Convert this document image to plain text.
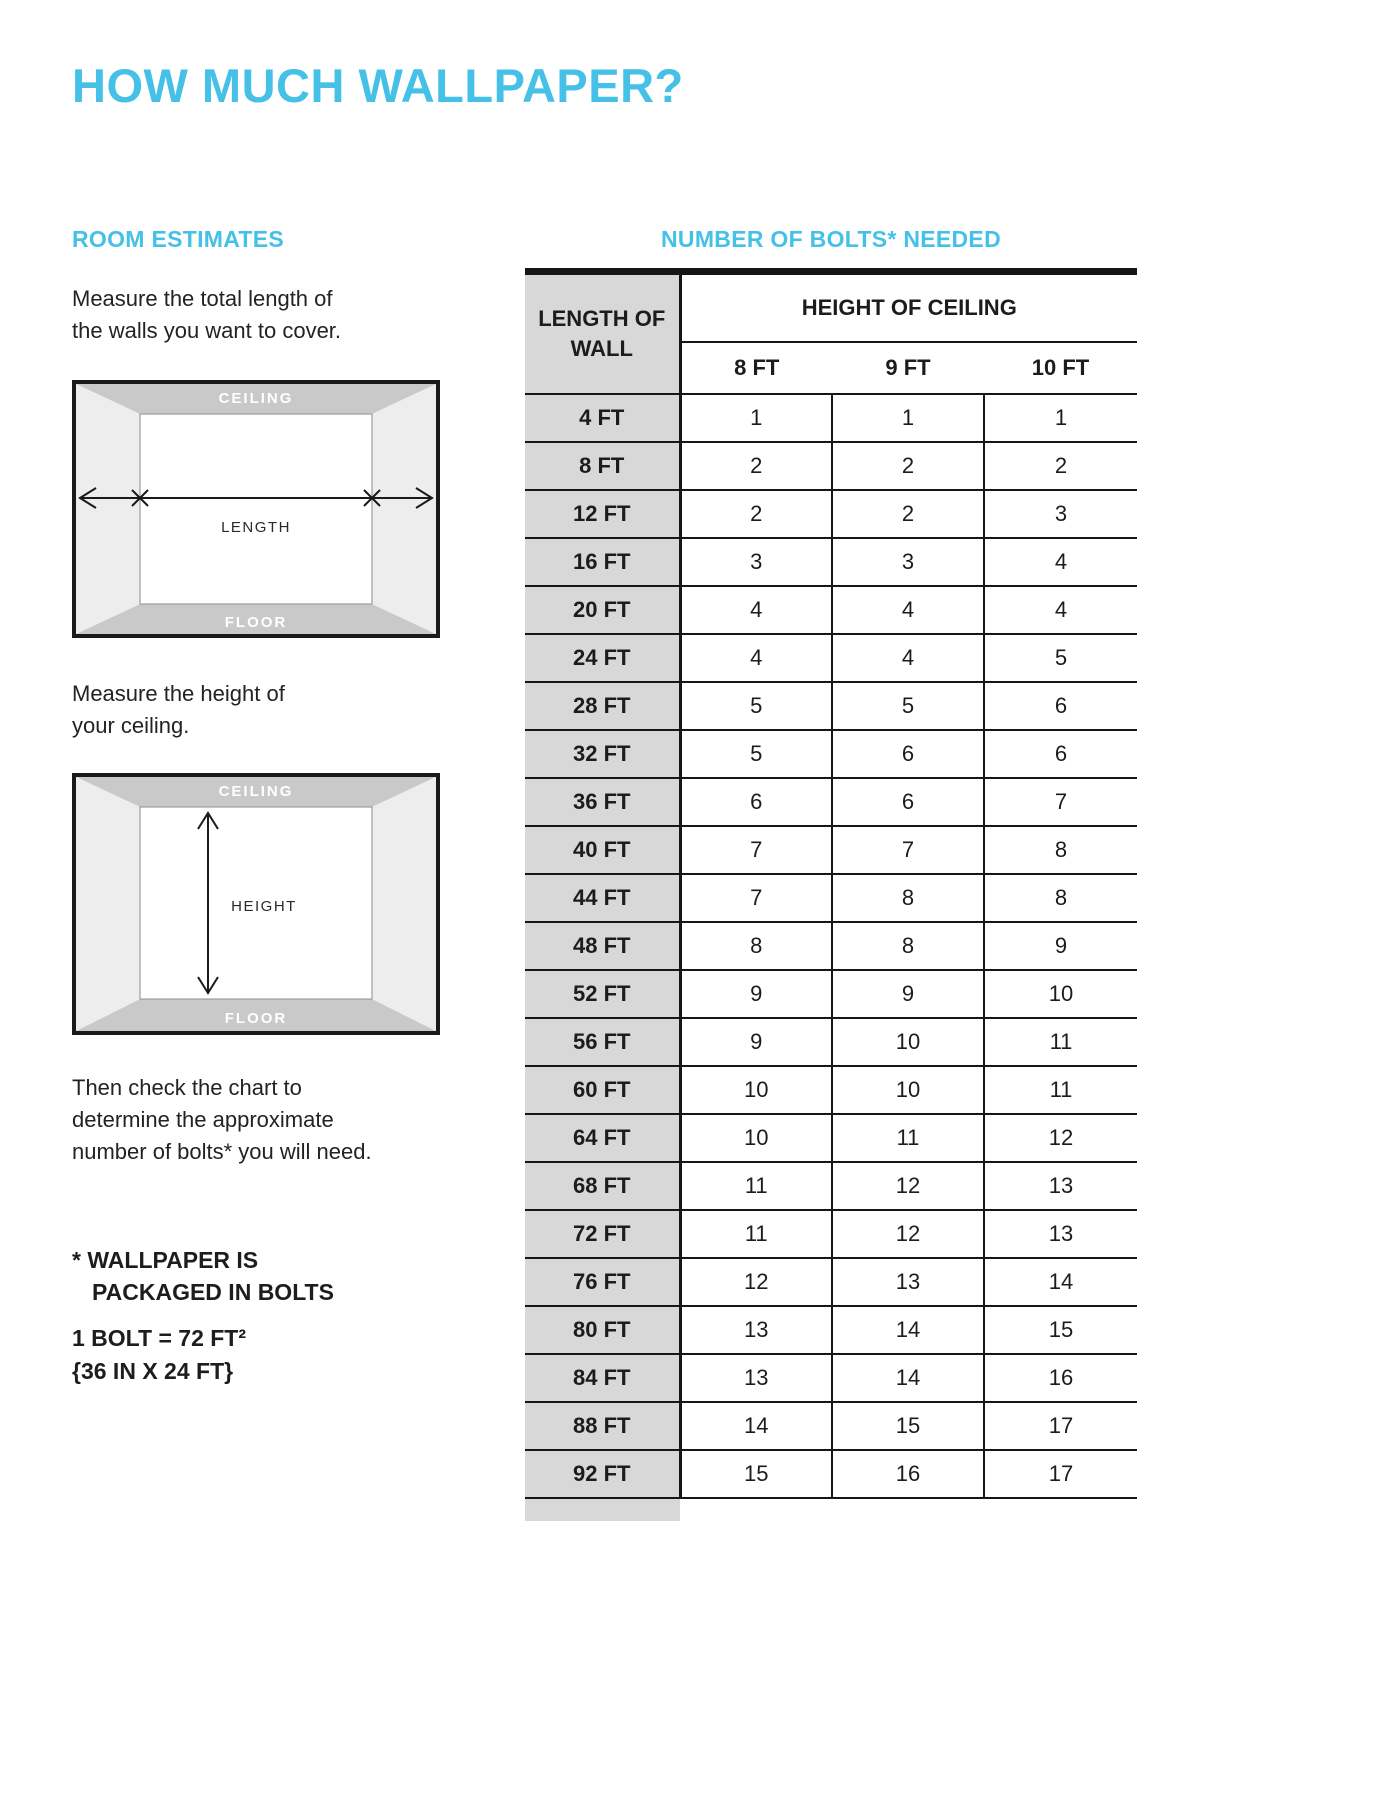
HOW MUCH WALLPAPER?
ROOM ESTIMATES	NUMBER OF BOLTS* NEEDED
Measure the total length of
the walls you want to cover.
CEILING
FLOOR
LENGTH
Measure the height of
your ceiling.
CEILING
FLOOR
HEIGHT
Then check the chart to
determine the approximate
number of bolts* you will need.
* WALLPAPER IS
PACKAGED IN BOLTS
1 BOLT = 72 FT²
{36 IN X 24 FT}
LENGTH OF WALL	HEIGHT OF CEILING		
	8 FT	9 FT	10 FT
4 FT	1	1	1
8 FT	2	2	2
12 FT	2	2	3
16 FT	3	3	4
20 FT	4	4	4
24 FT	4	4	5
28 FT	5	5	6
32 FT	5	6	6
36 FT	6	6	7
40 FT	7	7	8
44 FT	7	8	8
48 FT	8	8	9
52 FT	9	9	10
56 FT	9	10	11
60 FT	10	10	11
64 FT	10	11	12
68 FT	11	12	13
72 FT	11	12	13
76 FT	12	13	14
80 FT	13	14	15
84 FT	13	14	16
88 FT	14	15	17
92 FT	15	16	17
